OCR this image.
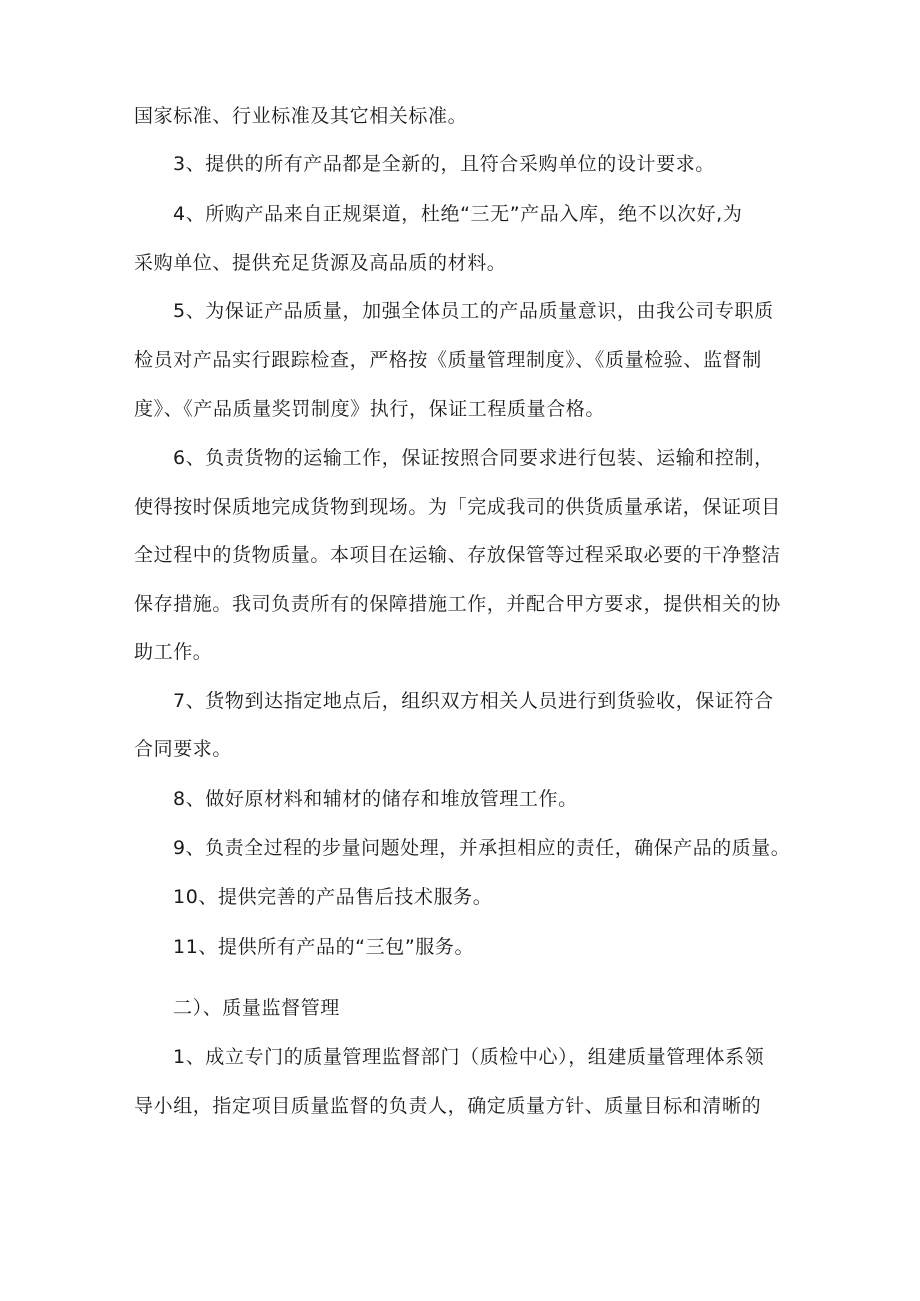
国家标准、行业标准及其它相关标准。

3、提供的所有产品都是全新的，且符合采购单位的设计要求。

4、所购产品来自正规渠道，杜绝“三无”产品入库，绝不以次好,为

采购单位、提供充足货源及高品质的材料。

5、为保证产品质量，加强全体员工的产品质量意识，由我公司专职质

检员对产品实行跟踪检查，严格按《质量管理制度》、《质量检验、监督制

度》、《产品质量奖罚制度》执行，保证工程质量合格。

6、负责货物的运输工作，保证按照合同要求进行包装、运输和控制，

使得按时保质地完成货物到现场。为「完成我司的供货质量承诺，保证项目

全过程中的货物质量。本项目在运输、存放保管等过程采取必要的干净整洁

保存措施。我司负责所有的保障措施工作，并配合甲方要求，提供相关的协

助工作。

7、货物到达指定地点后，组织双方相关人员进行到货验收，保证符合

合同要求。

8、做好原材料和辅材的储存和堆放管理工作。

9、负责全过程的步量问题处理，并承担相应的责任，确保产品的质量。

10、提供完善的产品售后技术服务。

11、提供所有产品的“三包”服务。

二）、质量监督管理

1、成立专门的质量管理监督部门（质检中心），组建质量管理体系领

导小组，指定项目质量监督的负责人，确定质量方针、质量目标和清晰的
